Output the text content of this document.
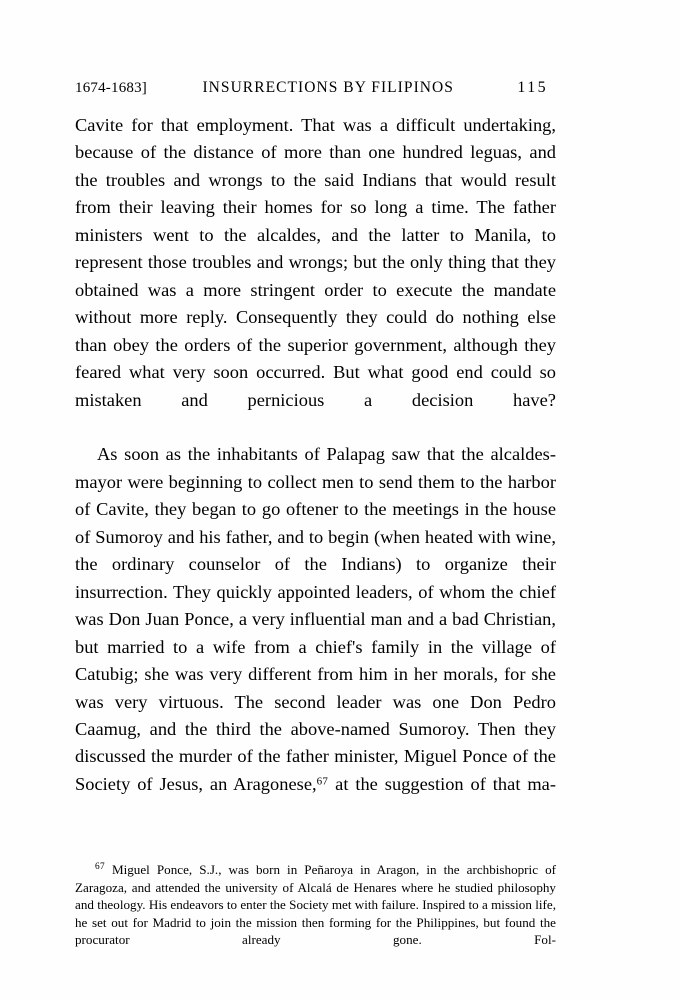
1674-1683]	INSURRECTIONS BY FILIPINOS	115

Cavite for that employment. That was a difficult undertaking, because of the distance of more than one hundred leguas, and the troubles and wrongs to the said Indians that would result from their leaving their homes for so long a time. The father ministers went to the alcaldes, and the latter to Manila, to represent those troubles and wrongs; but the only thing that they obtained was a more stringent order to execute the mandate without more reply. Consequently they could do nothing else than obey the orders of the superior government, although they feared what very soon occurred. But what good end could so mistaken and pernicious a decision have?

As soon as the inhabitants of Palapag saw that the alcaldes-mayor were beginning to collect men to send them to the harbor of Cavite, they began to go oftener to the meetings in the house of Sumoroy and his father, and to begin (when heated with wine, the ordinary counselor of the Indians) to organize their insurrection. They quickly appointed leaders, of whom the chief was Don Juan Ponce, a very influential man and a bad Christian, but married to a wife from a chief's family in the village of Catubig; she was very different from him in her morals, for she was very virtuous. The second leader was one Don Pedro Caamug, and the third the above-named Sumoroy. Then they discussed the murder of the father minister, Miguel Ponce of the Society of Jesus, an Aragonese,$^{67}$ at the suggestion of that ma-

$^{67}$ Miguel Ponce, S.J., was born in Peñaroya in Aragon, in the archbishopric of Zaragoza, and attended the university of Alcalá de Henares where he studied philosophy and theology. His endeavors to enter the Society met with failure. Inspired to a mission life, he set out for Madrid to join the mission then forming for the Philippines, but found the procurator already gone. Fol-
